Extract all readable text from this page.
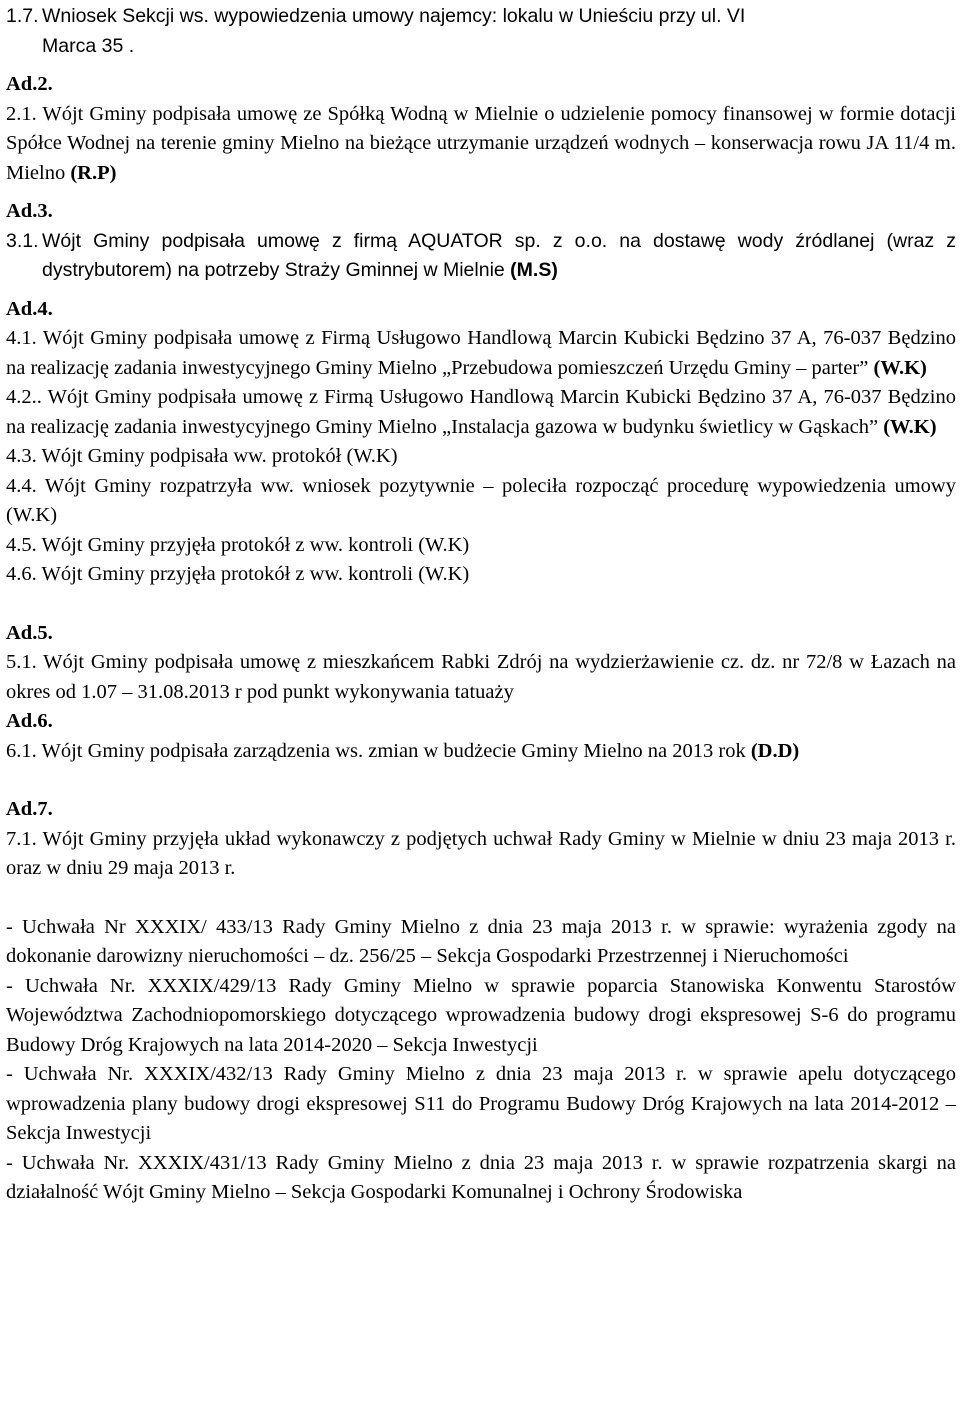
1.7. Wniosek Sekcji ws. wypowiedzenia umowy najemcy: lokalu w Unieściu przy ul. VI
Marca 35 .

Ad.2.

2.1. Wójt Gminy podpisała umowę ze Spółką Wodną w Mielnie o udzielenie pomocy finansowej w formie dotacji Spółce Wodnej na terenie gminy Mielno na bieżące utrzymanie urządzeń wodnych – konserwacja rowu JA 11/4 m. Mielno (R.P)

Ad.3.

3.1. Wójt Gminy podpisała umowę z firmą AQUATOR sp. z o.o. na dostawę wody źródlanej (wraz z dystrybutorem) na potrzeby Straży Gminnej w Mielnie (M.S)

Ad.4.

4.1. Wójt Gminy podpisała umowę z Firmą Usługowo Handlową Marcin Kubicki Będzino 37 A, 76-037 Będzino na realizację zadania inwestycyjnego Gminy Mielno „Przebudowa pomieszczeń Urzędu Gminy – parter” (W.K)

4.2.. Wójt Gminy podpisała umowę z Firmą Usługowo Handlową Marcin Kubicki Będzino 37 A, 76-037 Będzino na realizację zadania inwestycyjnego Gminy Mielno „Instalacja gazowa w budynku świetlicy w Gąskach” (W.K)

4.3. Wójt Gminy podpisała ww. protokół (W.K)

4.4. Wójt Gminy rozpatrzyła ww. wniosek pozytywnie – poleciła rozpocząć procedurę wypowiedzenia umowy (W.K)

4.5. Wójt Gminy przyjęła protokół z ww. kontroli (W.K)

4.6. Wójt Gminy przyjęła protokół z ww. kontroli (W.K)

Ad.5.

5.1. Wójt Gminy podpisała umowę z mieszkańcem Rabki Zdrój na wydzierżawienie cz. dz. nr 72/8 w Łazach na okres od 1.07 – 31.08.2013 r pod punkt wykonywania tatuaży

Ad.6.

6.1. Wójt Gminy podpisała zarządzenia ws. zmian w budżecie Gminy Mielno na 2013 rok (D.D)

Ad.7.

7.1. Wójt Gminy przyjęła układ wykonawczy z podjętych uchwał Rady Gminy w Mielnie w dniu 23 maja 2013 r. oraz w dniu 29 maja 2013 r.

- Uchwała Nr XXXIX/ 433/13 Rady Gminy Mielno z dnia 23 maja 2013 r. w sprawie: wyrażenia zgody na dokonanie darowizny nieruchomości – dz. 256/25 – Sekcja Gospodarki Przestrzennej i Nieruchomości

- Uchwała Nr. XXXIX/429/13 Rady Gminy Mielno w sprawie poparcia Stanowiska Konwentu Starostów Województwa Zachodniopomorskiego dotyczącego wprowadzenia budowy drogi ekspresowej S-6 do programu Budowy Dróg Krajowych na lata 2014-2020 – Sekcja Inwestycji

- Uchwała Nr. XXXIX/432/13 Rady Gminy Mielno z dnia 23 maja 2013 r. w sprawie apelu dotyczącego wprowadzenia plany budowy drogi ekspresowej S11 do Programu Budowy Dróg Krajowych na lata 2014-2012 – Sekcja Inwestycji

- Uchwała Nr. XXXIX/431/13 Rady Gminy Mielno z dnia 23 maja 2013 r. w sprawie rozpatrzenia skargi na działalność Wójt Gminy Mielno – Sekcja Gospodarki Komunalnej i Ochrony Środowiska
